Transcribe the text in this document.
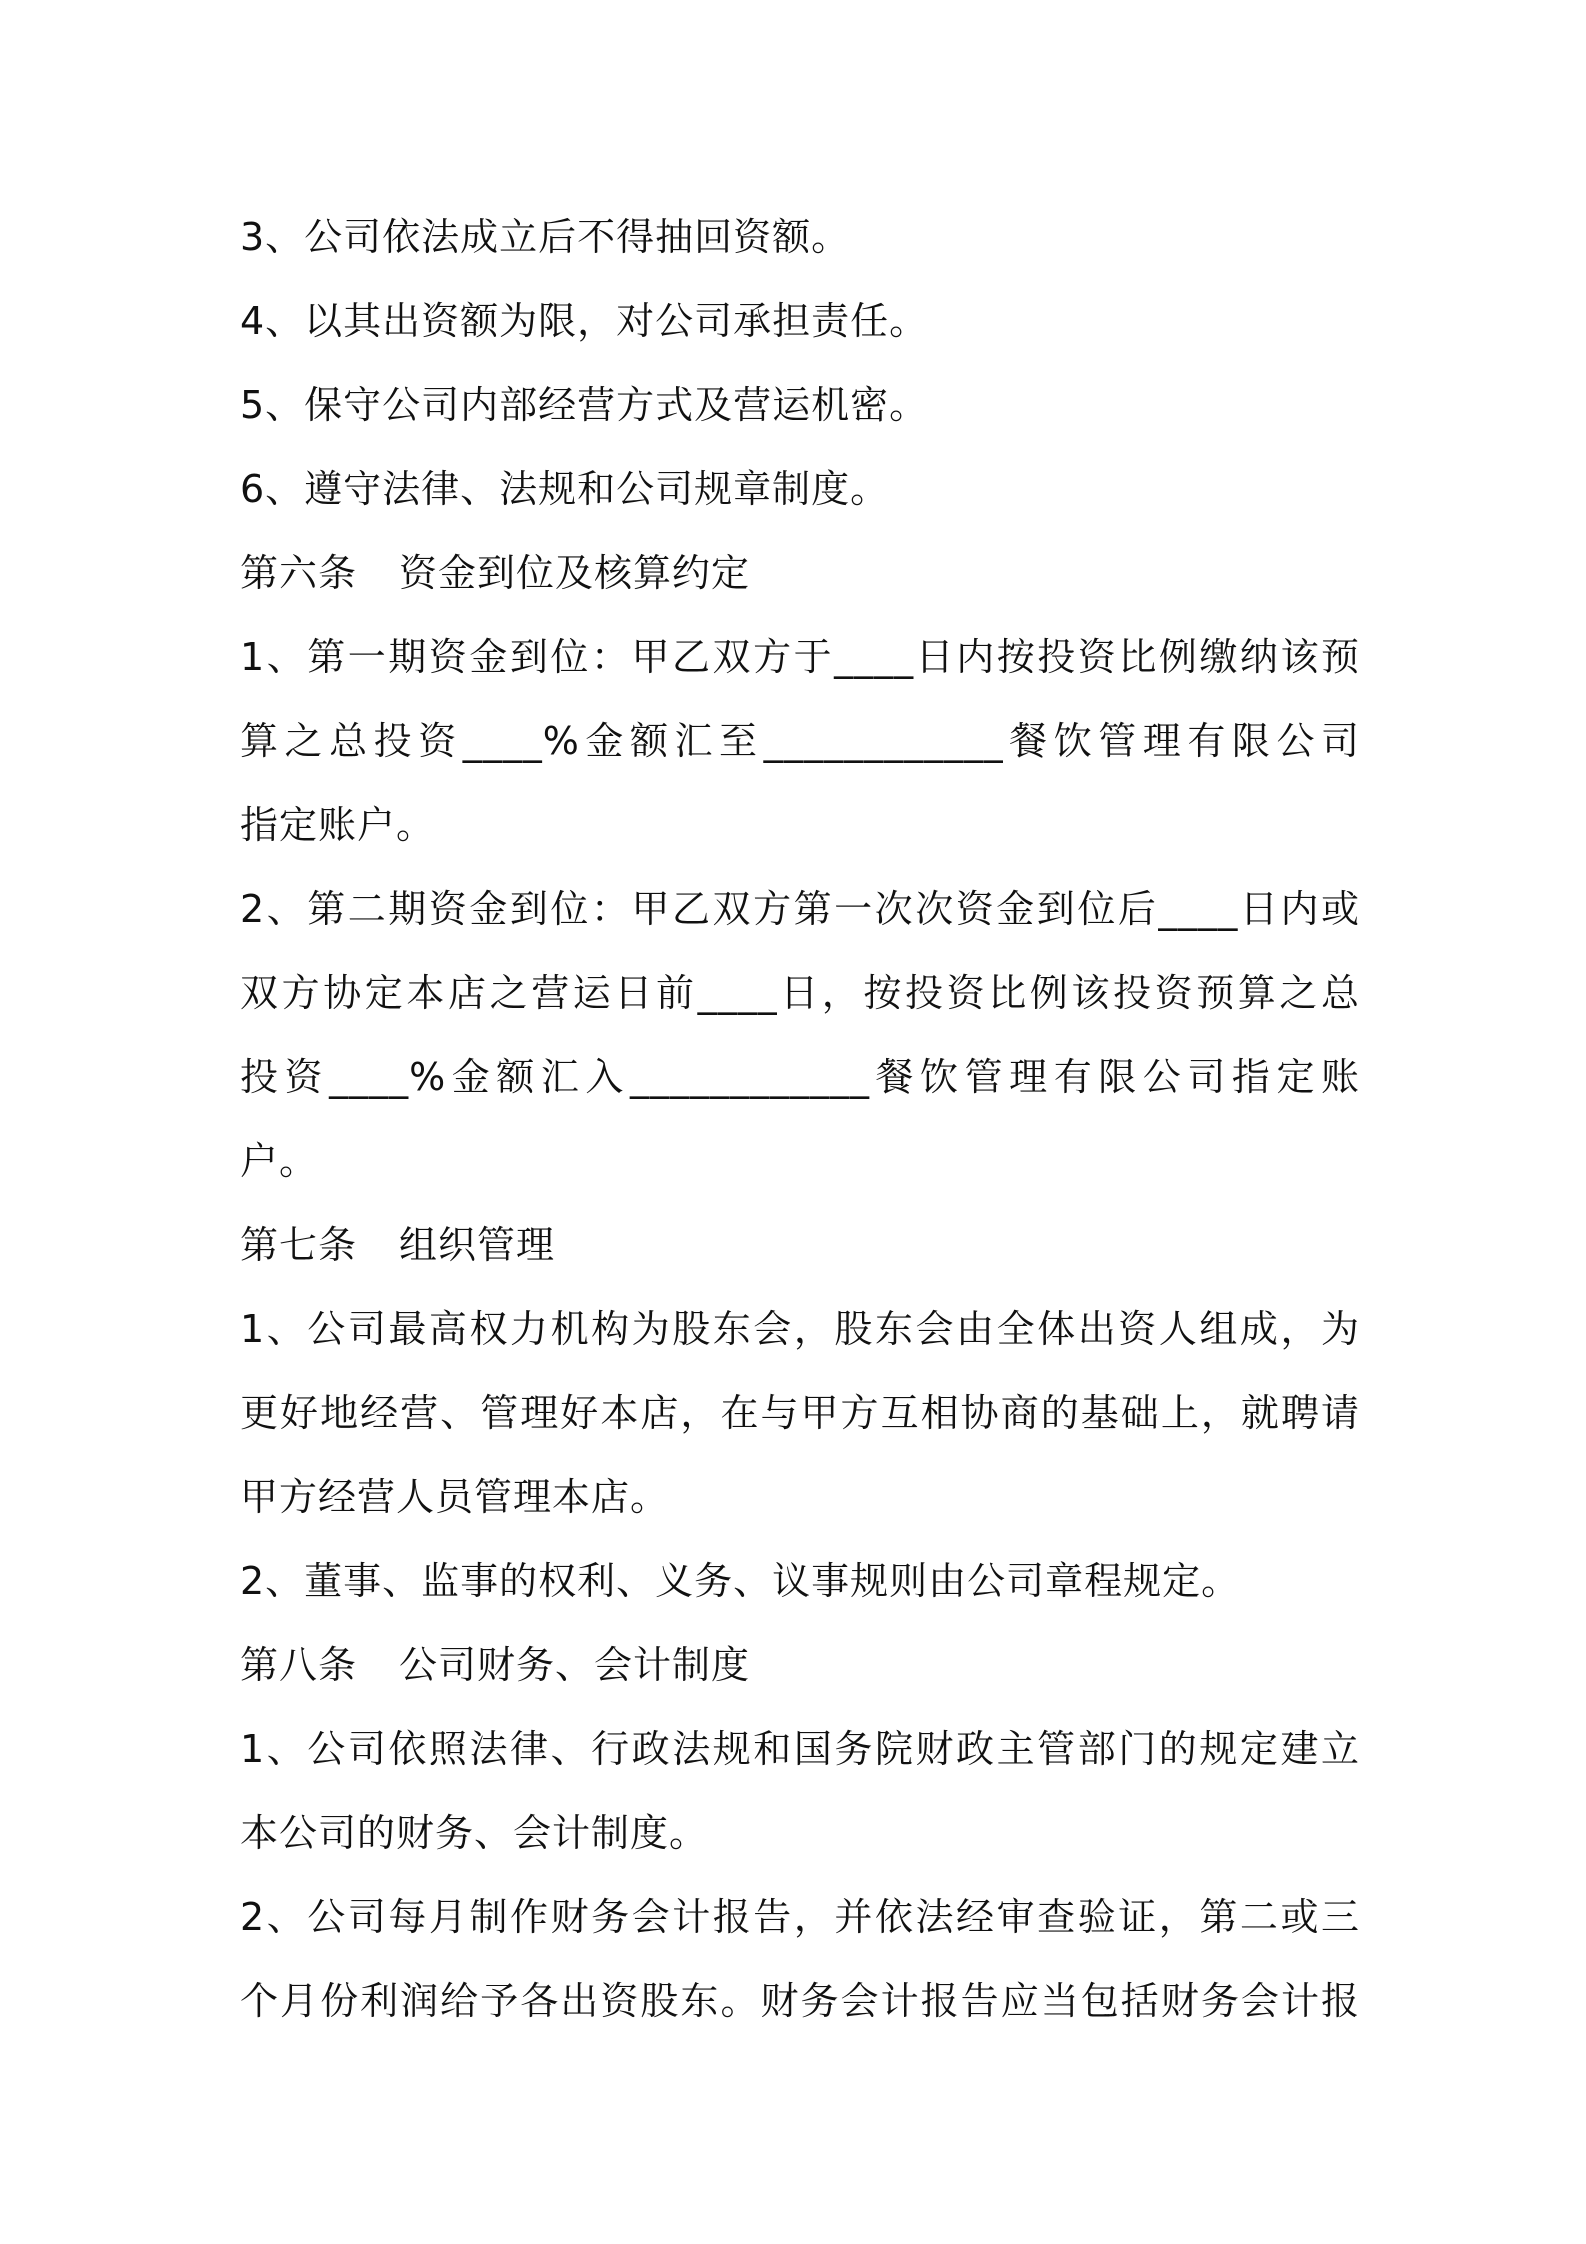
3、公司依法成立后不得抽回资额。
4、以其出资额为限，对公司承担责任。
5、保守公司内部经营方式及营运机密。
6、遵守法律、法规和公司规章制度。
第六条 资金到位及核算约定
1、第一期资金到位：甲乙双方于____日内按投资比例缴纳该预
算之总投资____%金额汇至____________餐饮管理有限公司
指定账户。
2、第二期资金到位：甲乙双方第一次次资金到位后____日内或
双方协定本店之营运日前____日，按投资比例该投资预算之总
投资____%金额汇入____________餐饮管理有限公司指定账
户。
第七条 组织管理
1、公司最高权力机构为股东会，股东会由全体出资人组成，为
更好地经营、管理好本店，在与甲方互相协商的基础上，就聘请
甲方经营人员管理本店。
2、董事、监事的权利、义务、议事规则由公司章程规定。
第八条 公司财务、会计制度
1、公司依照法律、行政法规和国务院财政主管部门的规定建立
本公司的财务、会计制度。
2、公司每月制作财务会计报告，并依法经审查验证，第二或三
个月份利润给予各出资股东。财务会计报告应当包括财务会计报
